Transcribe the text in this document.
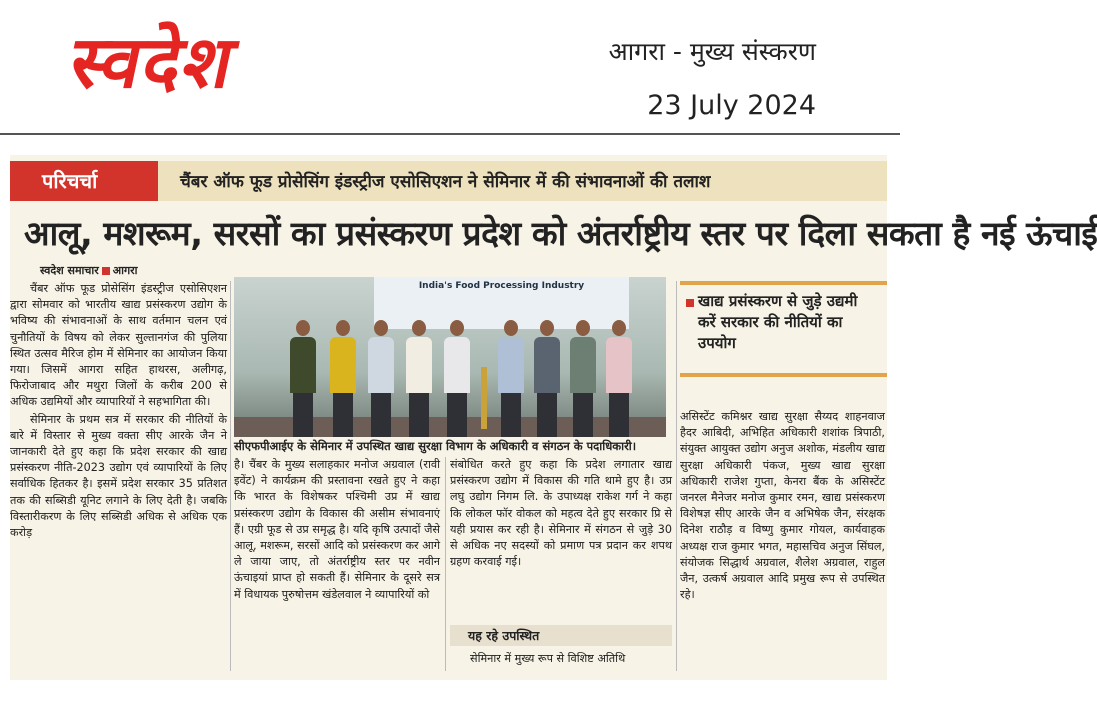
स्वदेश	आगरा - मुख्य संस्करण
23 July 2024
परिचर्चा	चैंबर ऑफ फूड प्रोसेसिंग इंडस्ट्रीज एसोसिएशन ने सेमिनार में की संभावनाओं की तलाश
आलू, मशरूम, सरसों का प्रसंस्करण प्रदेश को अंतर्राष्ट्रीय स्तर पर दिला सकता है नई ऊंचाई
स्वदेश समाचार आगरा

चैंबर ऑफ फूड प्रोसेसिंग इंडस्ट्रीज एसोसिएशन द्वारा सोमवार को भारतीय खाद्य प्रसंस्करण उद्योग के भविष्य की संभावनाओं के साथ वर्तमान चलन एवं चुनौतियों के विषय को लेकर सुल्तानगंज की पुलिया स्थित उत्सव मैरिज होम में सेमिनार का आयोजन किया गया। जिसमें आगरा सहित हाथरस, अलीगढ़, फिरोजाबाद और मथुरा जिलों के करीब 200 से अधिक उद्यमियों और व्यापारियों ने सहभागिता की।

सेमिनार के प्रथम सत्र में सरकार की नीतियों के बारे में विस्तार से मुख्य वक्ता सीए आरके जैन ने जानकारी देते हुए कहा कि प्रदेश सरकार की खाद्य प्रसंस्करण नीति-2023 उद्योग एवं व्यापारियों के लिए सर्वाधिक हितकर है। इसमें प्रदेश सरकार 35 प्रतिशत तक की सब्सिडी यूनिट लगाने के लिए देती है। जबकि विस्तारीकरण के लिए सब्सिडी अधिक से अधिक एक करोड़

India's Food Processing Industry
सीएफपीआईए के सेमिनार में उपस्थित खाद्य सुरक्षा विभाग के अधिकारी व संगठन के पदाधिकारी।

है। चैंबर के मुख्य सलाहकार मनोज अग्रवाल (रावी इवेंट) ने कार्यक्रम की प्रस्तावना रखते हुए ने कहा कि भारत के विशेषकर पश्चिमी उप्र में खाद्य प्रसंस्करण उद्योग के विकास की असीम संभावनाएं हैं। एग्री फूड से उप्र समृद्ध है। यदि कृषि उत्पादों जैसे आलू, मशरूम, सरसों आदि को प्रसंस्करण कर आगे ले जाया जाए, तो अंतर्राष्ट्रीय स्तर पर नवीन ऊंचाइयां प्राप्त हो सकती हैं। सेमिनार के दूसरे सत्र में विधायक पुरुषोत्तम खंडेलवाल ने व्यापारियों को

संबोधित करते हुए कहा कि प्रदेश लगातार खाद्य प्रसंस्करण उद्योग में विकास की गति थामे हुए है। उप्र लघु उद्योग निगम लि. के उपाध्यक्ष राकेश गर्ग ने कहा कि लोकल फॉर वोकल को महत्व देते हुए सरकार प्रि से यही प्रयास कर रही है। सेमिनार में संगठन से जुड़े 30 से अधिक नए सदस्यों को प्रमाण पत्र प्रदान कर शपथ ग्रहण करवाई गई।

यह रहे उपस्थित

सेमिनार में मुख्य रूप से विशिष्ट अतिथि

खाद्य प्रसंस्करण से जुड़े उद्यमी करें सरकार की नीतियों का उपयोग

असिस्टेंट कमिश्नर खाद्य सुरक्षा सैय्यद शाहनवाज हैदर आबिदी, अभिहित अधिकारी शशांक त्रिपाठी, संयुक्त आयुक्त उद्योग अनुज अशोक, मंडलीय खाद्य सुरक्षा अधिकारी पंकज, मुख्य खाद्य सुरक्षा अधिकारी राजेश गुप्ता, केनरा बैंक के असिस्टेंट जनरल मैनेजर मनोज कुमार रमन, खाद्य प्रसंस्करण विशेषज्ञ सीए आरके जैन व अभिषेक जैन, संरक्षक दिनेश राठौड़ व विष्णु कुमार गोयल, कार्यवाहक अध्यक्ष राज कुमार भगत, महासचिव अनुज सिंघल, संयोजक सिद्धार्थ अग्रवाल, शैलेश अग्रवाल, राहुल जैन, उत्कर्ष अग्रवाल आदि प्रमुख रूप से उपस्थित रहे।
